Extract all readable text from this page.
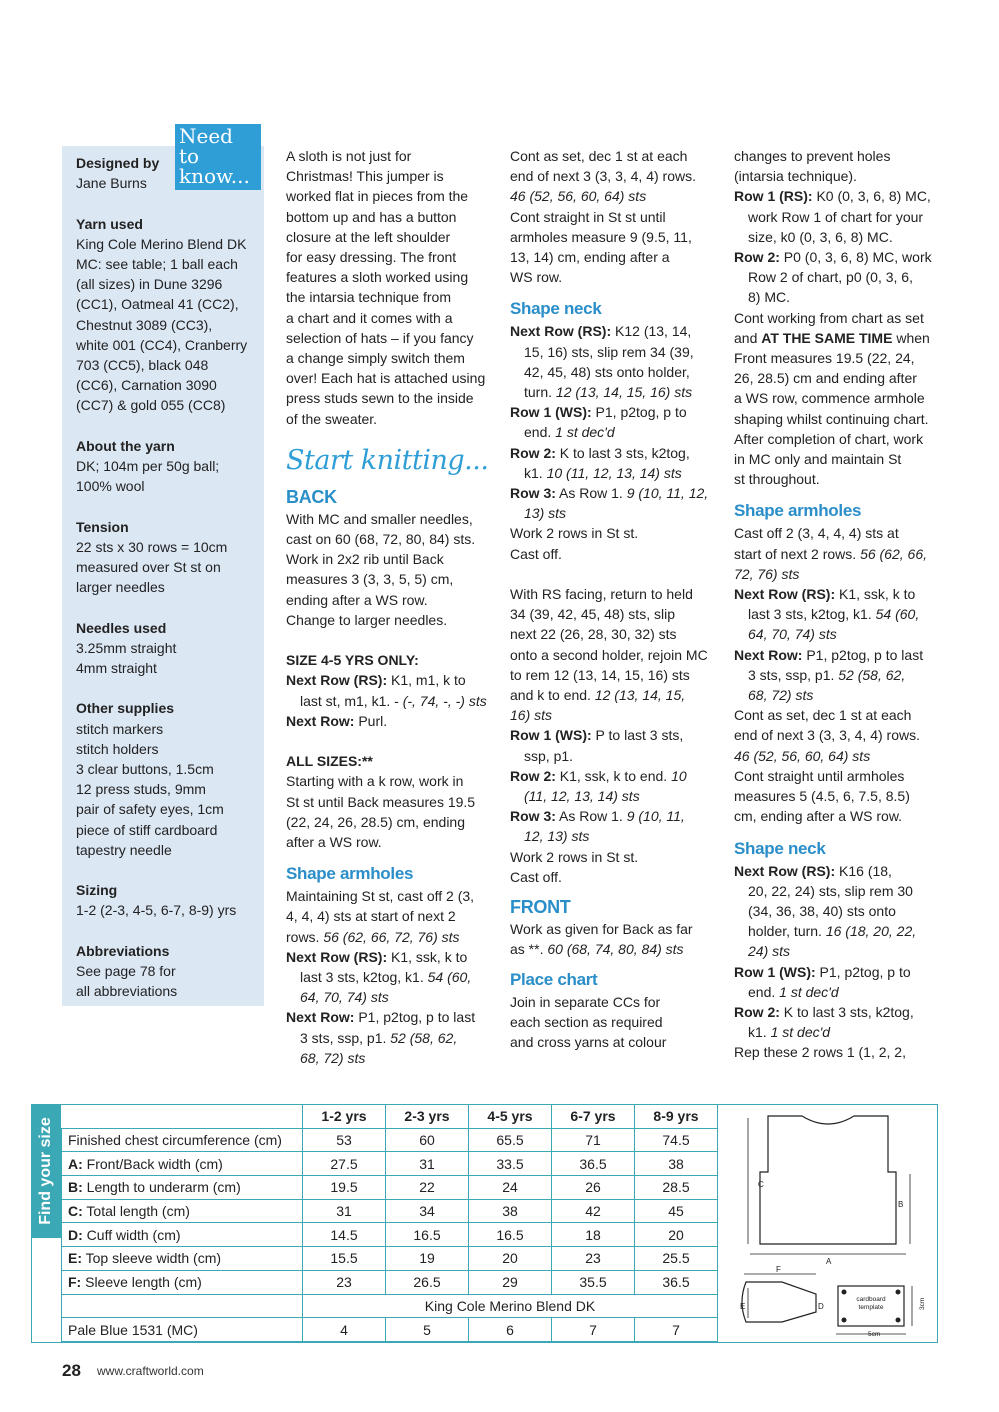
Need to
know...
Designed by
Jane Burns
Yarn used
King Cole Merino Blend DK
MC: see table; 1 ball each
(all sizes) in Dune 3296
(CC1), Oatmeal 41 (CC2),
Chestnut 3089 (CC3),
white 001 (CC4), Cranberry
703 (CC5), black 048
(CC6), Carnation 3090
(CC7) & gold 055 (CC8)
About the yarn
DK; 104m per 50g ball;
100% wool
Tension
22 sts x 30 rows = 10cm
measured over St st on
larger needles
Needles used
3.25mm straight
4mm straight
Other supplies
stitch markers
stitch holders
3 clear buttons, 1.5cm
12 press studs, 9mm
pair of safety eyes, 1cm
piece of stiff cardboard
tapestry needle
Sizing
1-2 (2-3, 4-5, 6-7, 8-9) yrs
Abbreviations
See page 78 for
all abbreviations

A sloth is not just for

Christmas! This jumper is

worked flat in pieces from the

bottom up and has a button

closure at the left shoulder

for easy dressing. The front

features a sloth worked using

the intarsia technique from

a chart and it comes with a

selection of hats – if you fancy

a change simply switch them

over! Each hat is attached using

press studs sewn to the inside

of the sweater.

Start knitting...
BACK

With MC and smaller needles,

cast on 60 (68, 72, 80, 84) sts.

Work in 2x2 rib until Back

measures 3 (3, 3, 5, 5) cm,

ending after a WS row.

Change to larger needles.

SIZE 4-5 YRS ONLY:

Next Row (RS): K1, m1, k to
last st, m1, k1. - (-, 74, -, -) sts

Next Row: Purl.

ALL SIZES:**

Starting with a k row, work in

St st until Back measures 19.5

(22, 24, 26, 28.5) cm, ending

after a WS row.

Shape armholes

Maintaining St st, cast off 2 (3,

4, 4, 4) sts at start of next 2

rows. 56 (62, 66, 72, 76) sts

Next Row (RS): K1, ssk, k to
last 3 sts, k2tog, k1. 54 (60,
64, 70, 74) sts

Next Row: P1, p2tog, p to last
3 sts, ssp, p1. 52 (58, 62,
68, 72) sts

Cont as set, dec 1 st at each

end of next 3 (3, 3, 4, 4) rows.

46 (52, 56, 60, 64) sts

Cont straight in St st until

armholes measure 9 (9.5, 11,

13, 14) cm, ending after a

WS row.

Shape neck

Next Row (RS): K12 (13, 14,
15, 16) sts, slip rem 34 (39,
42, 45, 48) sts onto holder,
turn. 12 (13, 14, 15, 16) sts

Row 1 (WS): P1, p2tog, p to
end. 1 st dec'd

Row 2: K to last 3 sts, k2tog,
k1. 10 (11, 12, 13, 14) sts

Row 3: As Row 1. 9 (10, 11, 12,
13) sts

Work 2 rows in St st.

Cast off.

With RS facing, return to held

34 (39, 42, 45, 48) sts, slip

next 22 (26, 28, 30, 32) sts

onto a second holder, rejoin MC

to rem 12 (13, 14, 15, 16) sts

and k to end. 12 (13, 14, 15,

16) sts

Row 1 (WS): P to last 3 sts,
ssp, p1.

Row 2: K1, ssk, k to end. 10
(11, 12, 13, 14) sts

Row 3: As Row 1. 9 (10, 11,
12, 13) sts

Work 2 rows in St st.

Cast off.

FRONT

Work as given for Back as far

as **. 60 (68, 74, 80, 84) sts

Place chart

Join in separate CCs for

each section as required

and cross yarns at colour

changes to prevent holes

(intarsia technique).

Row 1 (RS): K0 (0, 3, 6, 8) MC,
work Row 1 of chart for your
size, k0 (0, 3, 6, 8) MC.

Row 2: P0 (0, 3, 6, 8) MC, work
Row 2 of chart, p0 (0, 3, 6,
8) MC.

Cont working from chart as set

and AT THE SAME TIME when

Front measures 19.5 (22, 24,

26, 28.5) cm and ending after

a WS row, commence armhole

shaping whilst continuing chart.

After completion of chart, work

in MC only and maintain St

st throughout.

Shape armholes

Cast off 2 (3, 4, 4, 4) sts at

start of next 2 rows. 56 (62, 66,

72, 76) sts

Next Row (RS): K1, ssk, k to
last 3 sts, k2tog, k1. 54 (60,
64, 70, 74) sts

Next Row: P1, p2tog, p to last
3 sts, ssp, p1. 52 (58, 62,
68, 72) sts

Cont as set, dec 1 st at each

end of next 3 (3, 3, 4, 4) rows.

46 (52, 56, 60, 64) sts

Cont straight until armholes

measures 5 (4.5, 6, 7.5, 8.5)

cm, ending after a WS row.

Shape neck

Next Row (RS): K16 (18,
20, 22, 24) sts, slip rem 30
(34, 36, 38, 40) sts onto
holder, turn. 16 (18, 20, 22,
24) sts

Row 1 (WS): P1, p2tog, p to
end. 1 st dec'd

Row 2: K to last 3 sts, k2tog,
k1. 1 st dec'd

Rep these 2 rows 1 (1, 2, 2,

Find your size
	1-2 yrs	2-3 yrs	4-5 yrs	6-7 yrs	8-9 yrs
Finished chest circumference (cm)	53	60	65.5	71	74.5
A: Front/Back width (cm)	27.5	31	33.5	36.5	38
B: Length to underarm (cm)	19.5	22	24	26	28.5
C: Total length (cm)	31	34	38	42	45
D: Cuff width (cm)	14.5	16.5	16.5	18	20
E: Top sleeve width (cm)	15.5	19	20	23	25.5
F: Sleeve length (cm)	23	26.5	29	35.5	36.5
	King Cole Merino Blend DK				
Pale Blue 1531 (MC)	4	5	6	7	7
A
B
C
D
E
F
cardboard
template
5cm
3cm
28 www.craftworld.com
